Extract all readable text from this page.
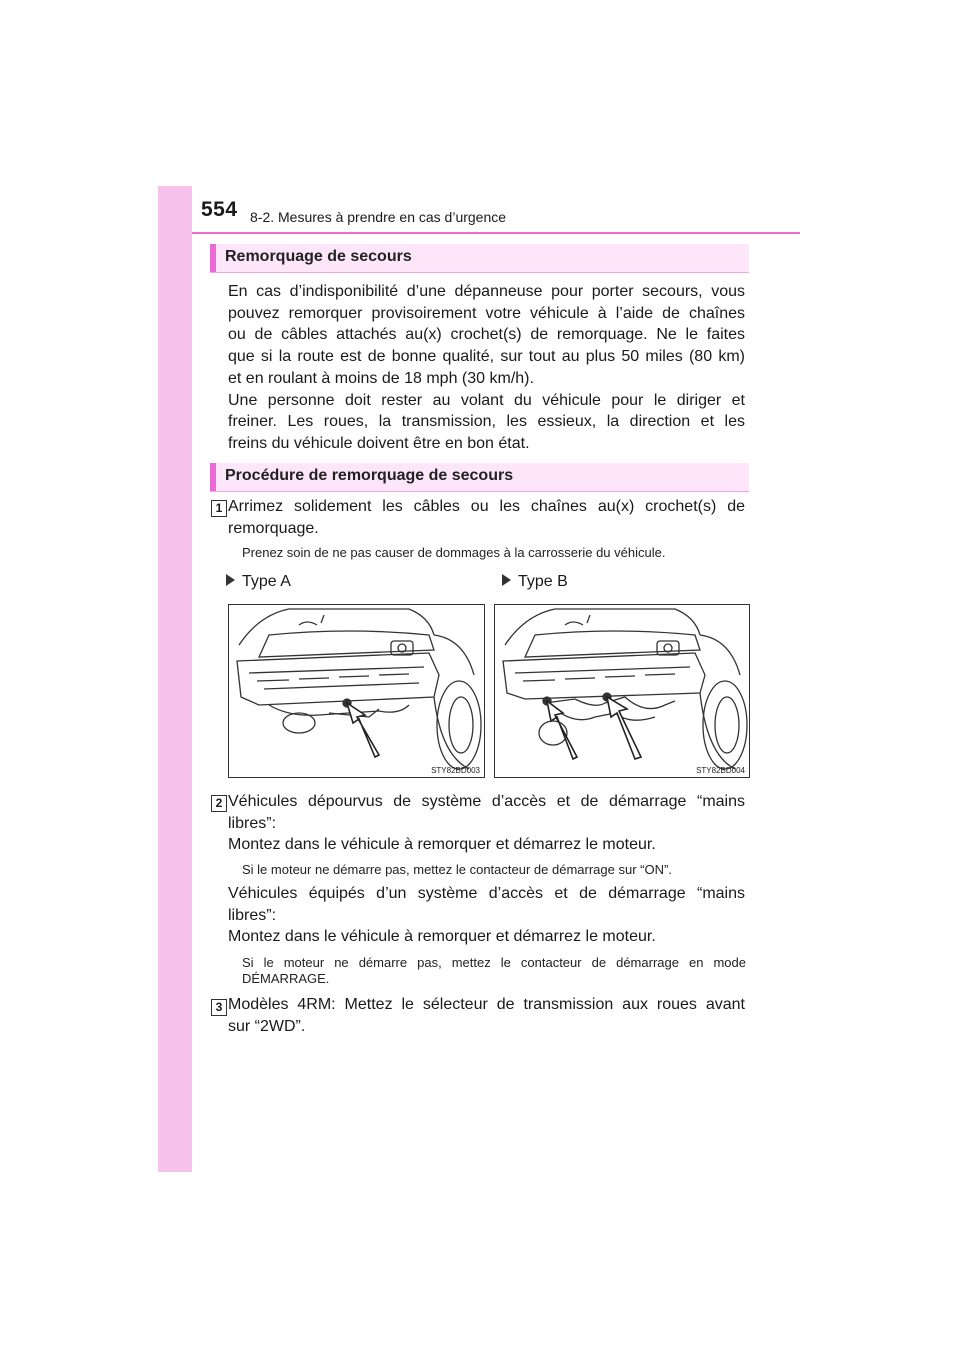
554 8-2. Mesures à prendre en cas d’urgence
Remorquage de secours
En cas d’indisponibilité d’une dépanneuse pour porter secours, vous
pouvez remorquer provisoirement votre véhicule à l’aide de chaînes
ou de câbles attachés au(x) crochet(s) de remorquage. Ne le faites
que si la route est de bonne qualité, sur tout au plus 50 miles (80 km)
et en roulant à moins de 18 mph (30 km/h).
Une personne doit rester au volant du véhicule pour le diriger et
freiner. Les roues, la transmission, les essieux, la direction et les
freins du véhicule doivent être en bon état.
Procédure de remorquage de secours
1 Arrimez solidement les câbles ou les chaînes au(x) crochet(s) de
remorquage.
Prenez soin de ne pas causer de dommages à la carrosserie du véhicule.
Type A	Type B
STY82BD003	STY82BD004
2 Véhicules dépourvus de système d’accès et de démarrage “mains
libres”:
Montez dans le véhicule à remorquer et démarrez le moteur.
Si le moteur ne démarre pas, mettez le contacteur de démarrage sur “ON”.
Véhicules équipés d’un système d’accès et de démarrage “mains
libres”:
Montez dans le véhicule à remorquer et démarrez le moteur.
Si le moteur ne démarre pas, mettez le contacteur de démarrage en mode
DÉMARRAGE.
3 Modèles 4RM: Mettez le sélecteur de transmission aux roues avant
sur “2WD”.
